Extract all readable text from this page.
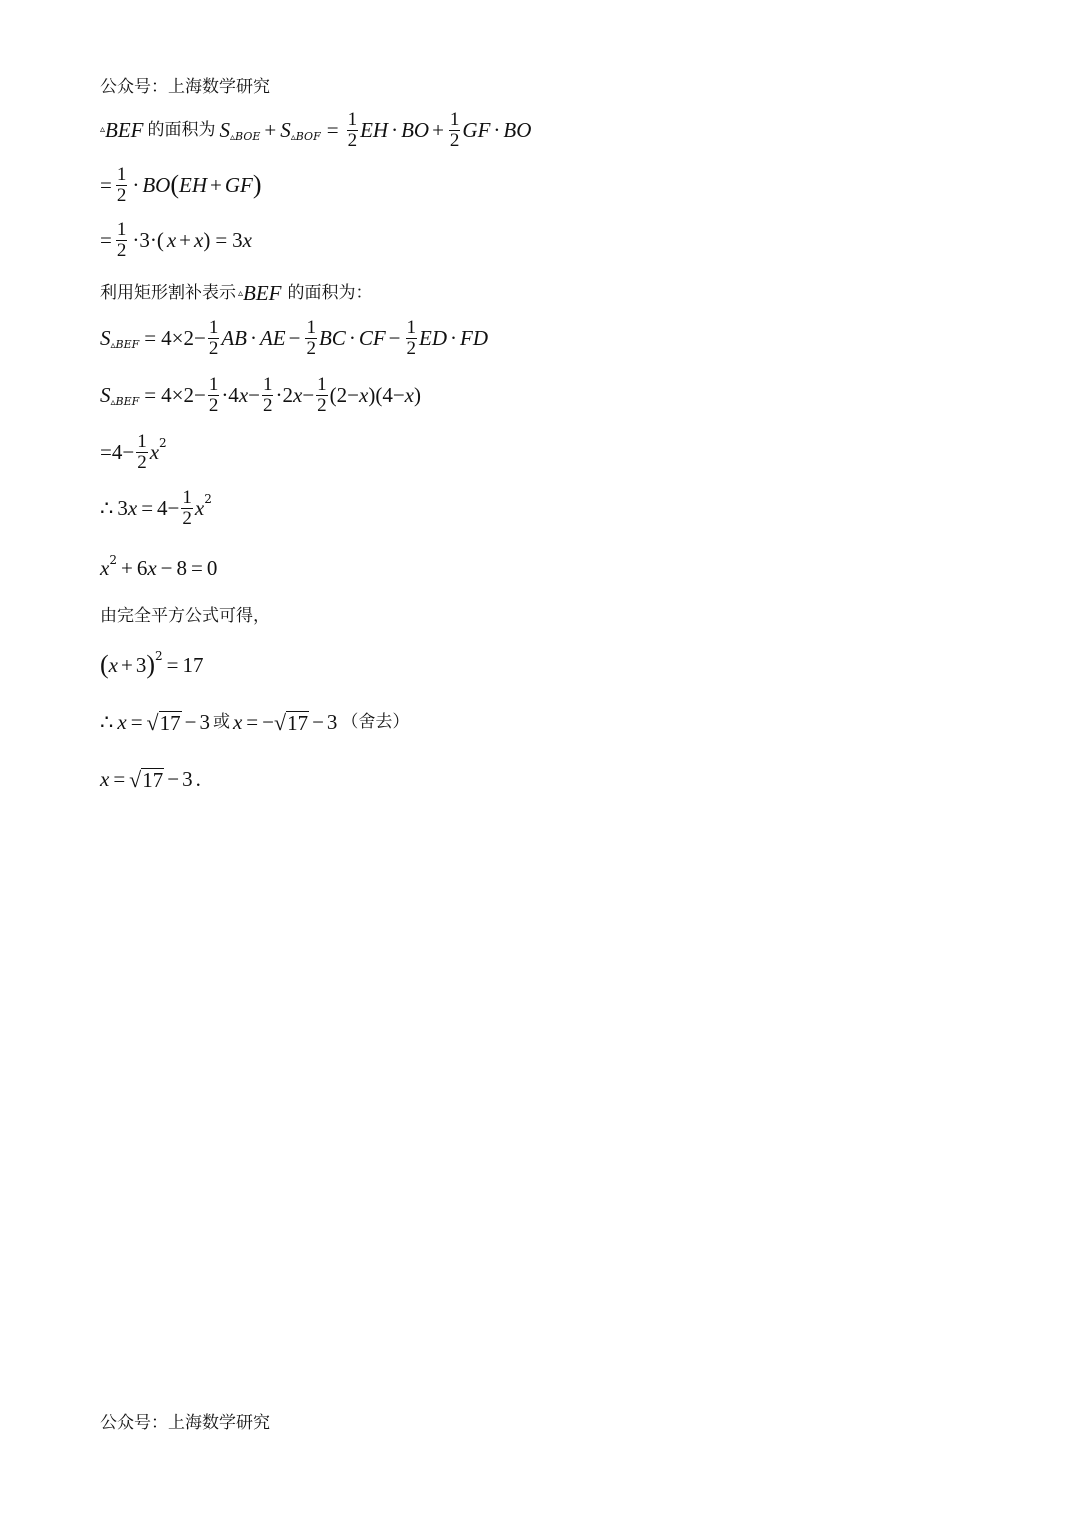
公众号：上海数学研究
▵ BEF 的面积为 S ▵BOE + S ▵BOF = $\frac{1}{2}$ EH · BO + $\frac{1}{2}$ GF · BO
= $\frac{1}{2}$ · BO ( EH + GF )
= $\frac{1}{2} \cdot 3\cdot$( x + x ) = 3 x
利用矩形割补表示 ▵ BEF 的面积为：
S ▵BEF = $4\times 2- \frac{1}{2}$ AB · AE − $\frac{1}{2}$ BC · CF − $\frac{1}{2}$ ED · FD
S ▵BEF = $4\times 2- \frac{1}{2} \cdot 4$ $x - \frac{1}{2} \cdot 2$ $x - \frac{1}{2} (2- x$ )(4− x )
$=4- \frac{1}{2}$ x 2
∴ 3 $x = 4- \frac{1}{2}$ x 2
x 2 + 6 x − 8 = 0
由完全平方公式可得，
( x + 3 ) 2 = 17
∴ x = √ 17 − 3 或 x = − √ 17 − 3 （舍去）
x = √ 17 − 3 .
公众号：上海数学研究
